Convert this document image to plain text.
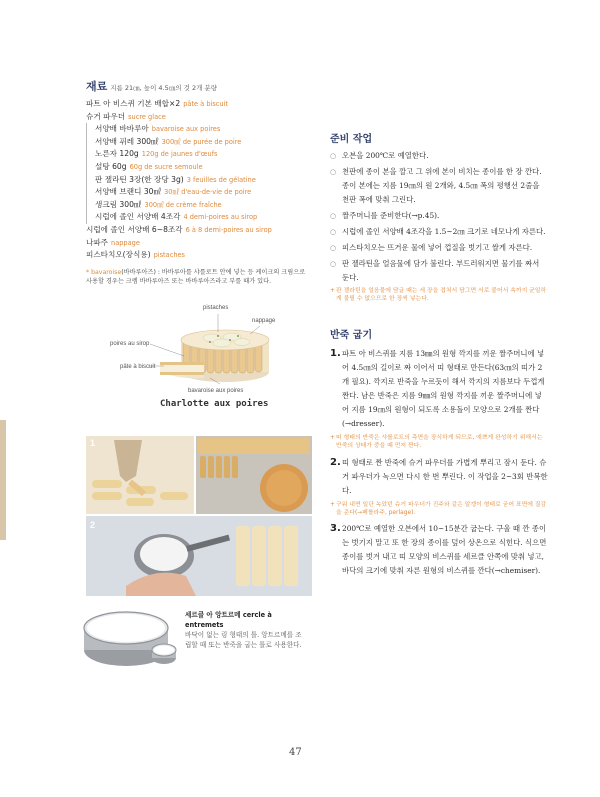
재료 지름 21㎝, 높이 4.5㎝의 것 2개 분량
파트 아 비스퀴 기본 배합×2 pâte à biscuit
슈거 파우더 sucre glace
서양배 바바루아 bavaroise aux poires
서양배 퓌레 300㎖ 300㎖ de purée de poire
노른자 120g 120g de jaunes d'œufs
설탕 60g 60g de sucre semoule
판 젤라틴 3장(한 장당 3g) 3 feuilles de gélatine
서양배 브랜디 30㎖ 30㎖ d'eau-de-vie de poire
생크림 300㎖ 300㎖ de crème fraîche
시럽에 졸인 서양배 4조각 4 demi-poires au sirop
시럽에 졸인 서양배 6~8조각 6 à 8 demi-poires au sirop
나파주 nappage
피스타치오(장식용) pistaches
* bavaroise(바바루아즈) : 바바루아를 샤를로트 안에 넣는 등 케이크의 크림으로 사용할 경우는 크렘 바바루아즈 또는 바바루아즈라고 부를 때가 있다.
pistaches
nappage
poires au sirop
pâte à biscuit
bavaroise aux poires
Charlotte aux poires
1
2
세르클 아 앙트르메 cercle à entremets
바닥이 없는 링 형태의 틀. 앙트르메를 조립할 때 또는 반죽을 굽는 틀로 사용한다.
준비 작업
○ 오븐을 200℃로 예열한다.
○ 천판에 종이 본을 깔고 그 위에 본이 비치는 종이를 한 장 깐다. 종이 본에는 지름 19㎝의 원 2개와, 4.5㎝ 폭의 평행선 2줄을 천판 폭에 맞춰 그린다.
○ 짤주머니를 준비한다(→p.45).
○ 시럽에 졸인 서양배 4조각을 1.5~2㎝ 크기로 네모나게 자른다.
○ 피스타치오는 뜨거운 물에 넣어 껍질을 벗기고 쌀게 자른다.
○ 판 젤라틴을 얼음물에 담가 불린다. 부드러워지면 물기를 짜서 둔다.
+ 판 젤라틴을 얼음물에 담글 때는 세 장을 겹쳐서 담그면 서로 붙어서 속까지 균일하게 불릴 수 없으므로 한 장씩 넣는다.
반죽 굽기
1. 파트 아 비스퀴를 지름 13㎜의 원형 깍지를 끼운 짤주머니에 넣어 4.5㎝의 길이로 짜 이어서 띠 형태로 만든다(63㎝의 띠가 2개 필요). 깍지로 반죽을 누르듯이 해서 깍지의 지름보다 두껍게 짠다. 남은 반죽은 지름 9㎜의 원형 깍지를 끼운 짤주머니에 넣어 지름 19㎝의 원형이 되도록 소용돌이 모양으로 2개를 짠다(→dresser).
+ 띠 형태의 반죽은 샤를로트의 측면을 장식하게 되므로, 예쁘게 완성하기 위해서는 반죽의 상태가 중을 때 먼저 짠다.
2. 띠 형태로 짠 반죽에 슈거 파우더를 가볍게 뿌리고 잠시 둔다. 슈거 파우더가 녹으면 다시 한 번 뿌린다. 이 작업을 2~3회 반복한다.
+ 구워 내면 일단 녹았던 슈거 파우더가 진주와 같은 알갱이 형태로 굳어 표면에 질감을 준다(→페를라주, perlage).
3. 200℃로 예열한 오븐에서 10~15분간 굽는다. 구울 때 깐 종이는 벗기지 말고 또 한 장의 종이를 덮어 상온으로 식힌다. 식으면 종이를 벗겨 내고 띠 모양의 비스퀴를 세르클 안쪽에 맞춰 넣고, 바닥의 크기에 맞춰 자른 원형의 비스퀴를 깐다(→chemiser).
47
